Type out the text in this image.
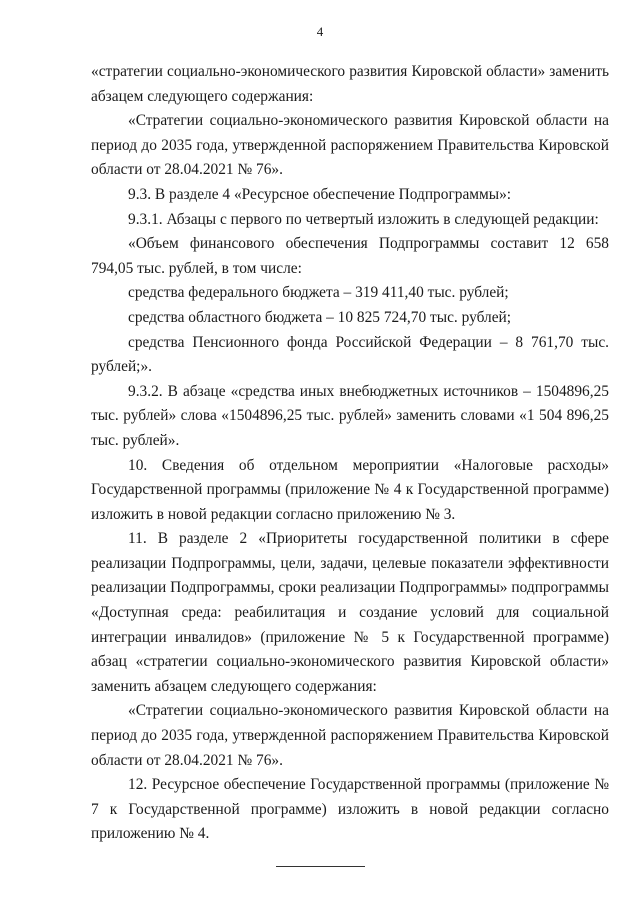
4

«стратегии социально-экономического развития Кировской области» заменить абзацем следующего содержания:

«Стратегии социально-экономического развития Кировской области на период до 2035 года, утвержденной распоряжением Правительства Кировской области от 28.04.2021 № 76».

9.3. В разделе 4 «Ресурсное обеспечение Подпрограммы»:

9.3.1. Абзацы с первого по четвертый изложить в следующей редакции:

«Объем финансового обеспечения Подпрограммы составит 12 658 794,05 тыс. рублей, в том числе:

средства федерального бюджета – 319 411,40 тыс. рублей;

средства областного бюджета – 10 825 724,70 тыс. рублей;

средства Пенсионного фонда Российской Федерации – 8 761,70 тыс. рублей;».

9.3.2. В абзаце «средства иных внебюджетных источников – 1504896,25 тыс. рублей» слова «1504896,25 тыс. рублей» заменить словами «1 504 896,25 тыс. рублей».

10. Сведения об отдельном мероприятии «Налоговые расходы» Государственной программы (приложение № 4 к Государственной программе) изложить в новой редакции согласно приложению № 3.

11. В разделе 2 «Приоритеты государственной политики в сфере реализации Подпрограммы, цели, задачи, целевые показатели эффективности реализации Подпрограммы, сроки реализации Подпрограммы» подпрограммы «Доступная среда: реабилитация и создание условий для социальной интеграции инвалидов» (приложение № 5 к Государственной программе) абзац «стратегии социально-экономического развития Кировской области» заменить абзацем следующего содержания:

«Стратегии социально-экономического развития Кировской области на период до 2035 года, утвержденной распоряжением Правительства Кировской области от 28.04.2021 № 76».

12. Ресурсное обеспечение Государственной программы (приложение № 7 к Государственной программе) изложить в новой редакции согласно приложению № 4.
